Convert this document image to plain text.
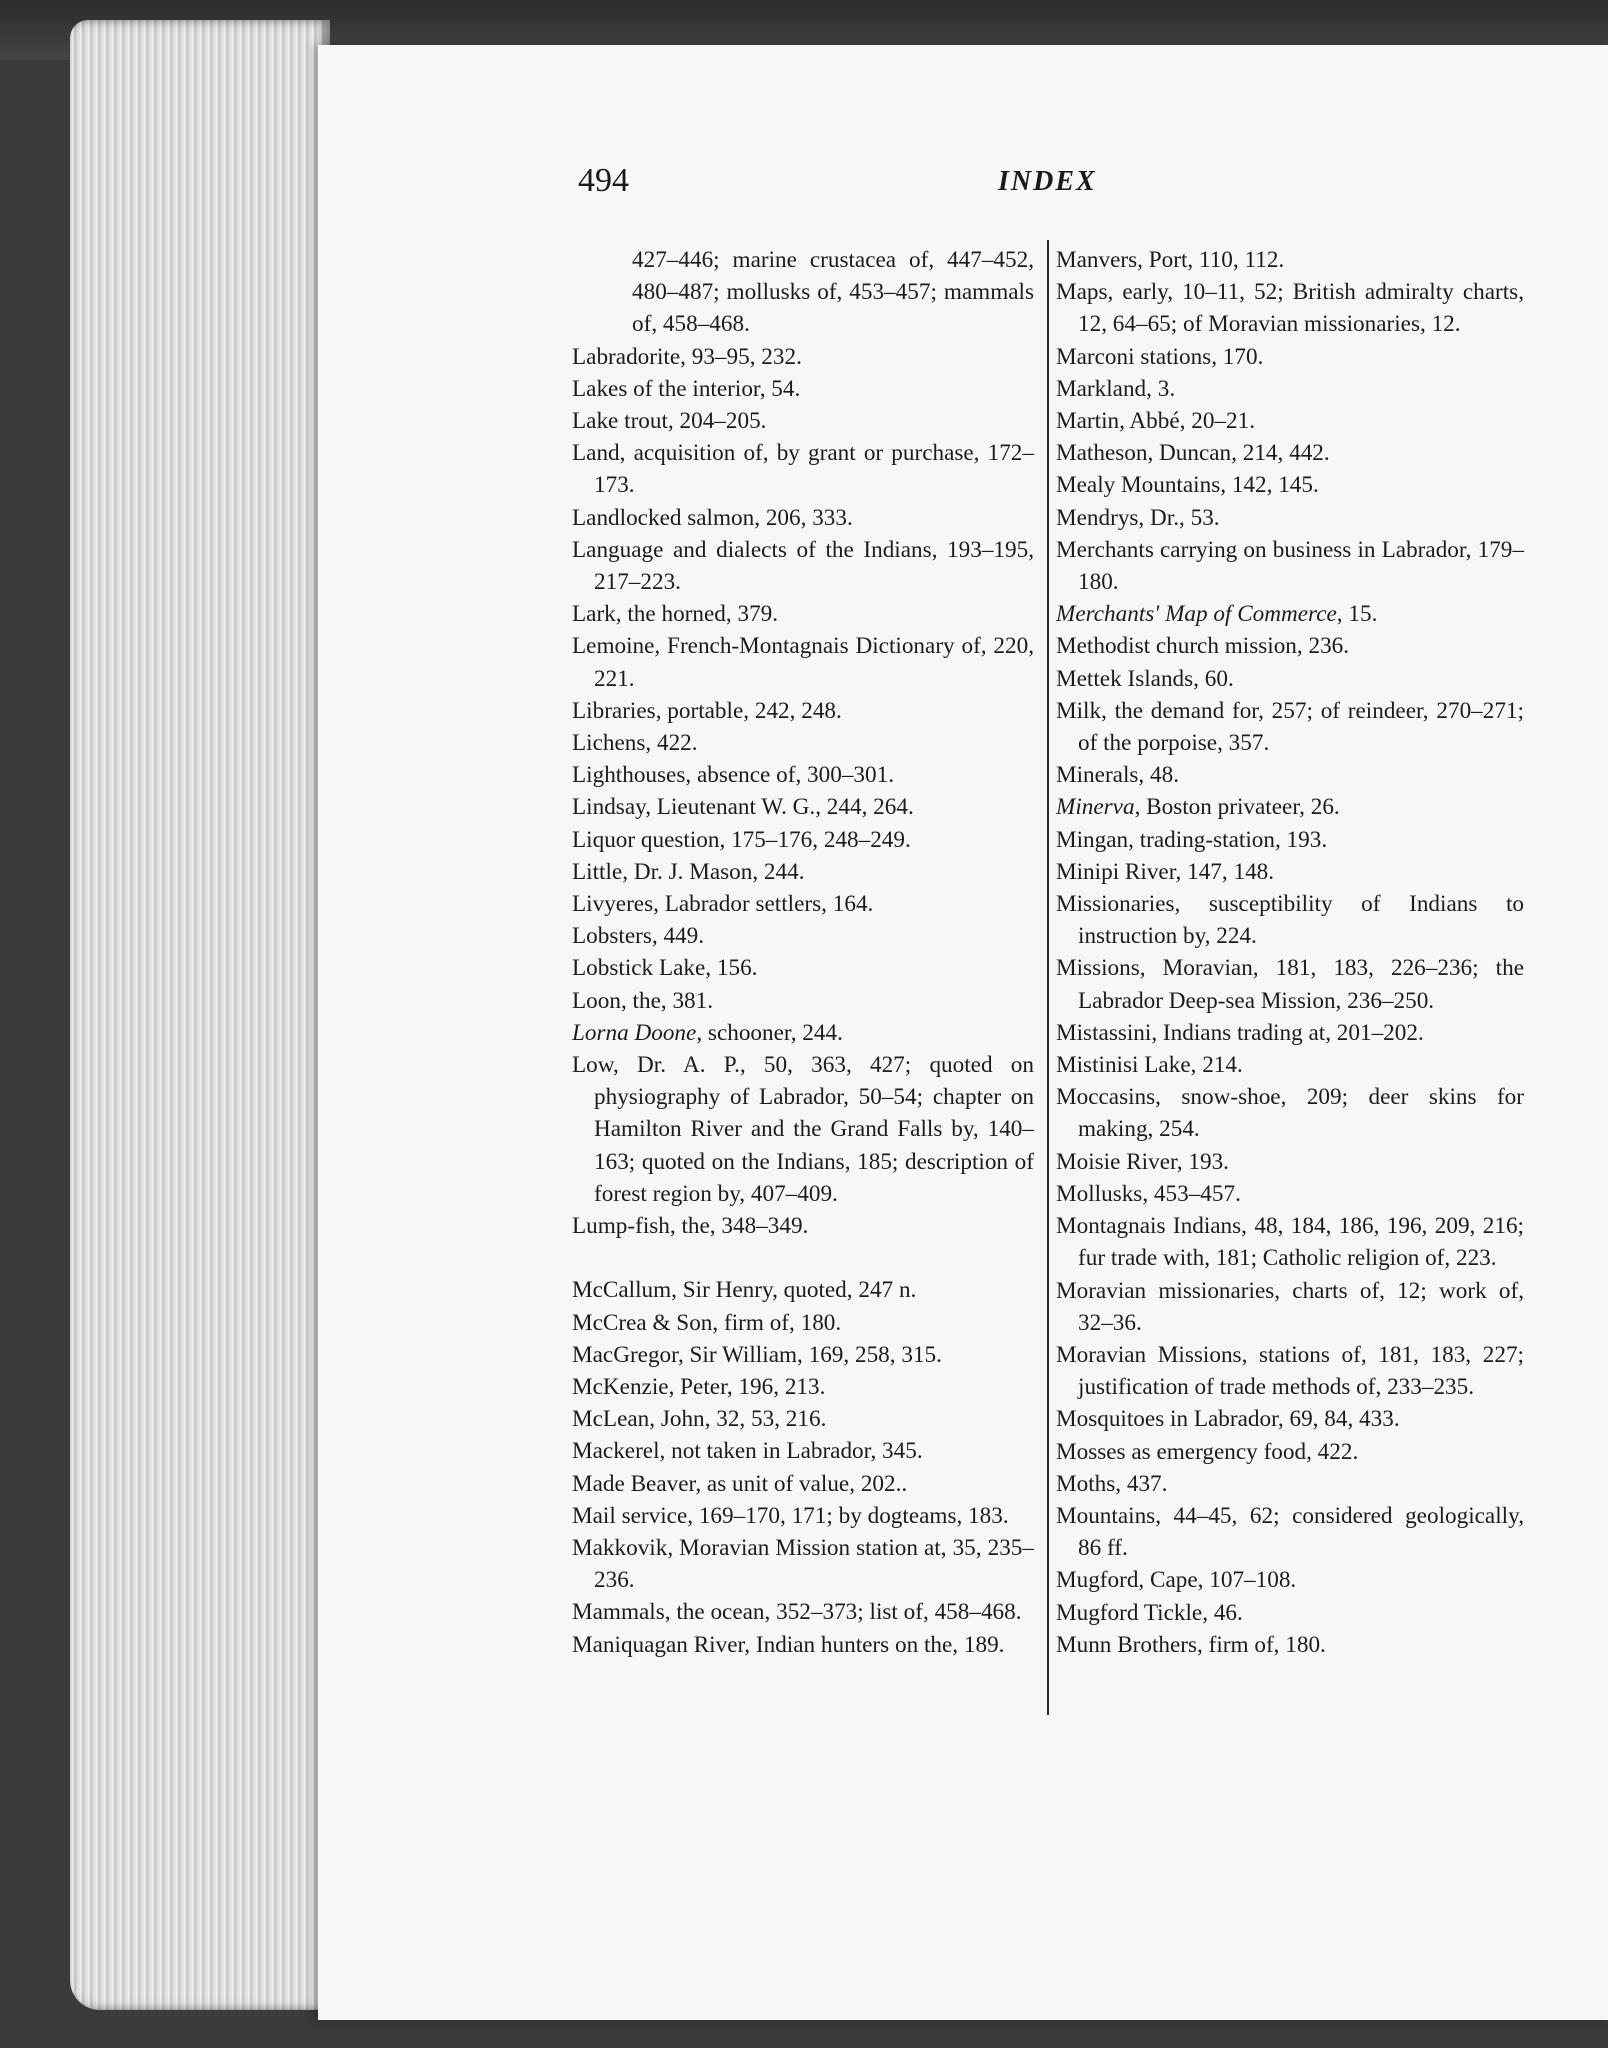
494	INDEX

427–446; marine crustacea of, 447–452, 480–487; mollusks of, 453–457; mammals of, 458–468.

Labradorite, 93–95, 232.

Lakes of the interior, 54.

Lake trout, 204–205.

Land, acquisition of, by grant or purchase, 172–173.

Landlocked salmon, 206, 333.

Language and dialects of the Indians, 193–195, 217–223.

Lark, the horned, 379.

Lemoine, French-Montagnais Dictionary of, 220, 221.

Libraries, portable, 242, 248.

Lichens, 422.

Lighthouses, absence of, 300–301.

Lindsay, Lieutenant W. G., 244, 264.

Liquor question, 175–176, 248–249.

Little, Dr. J. Mason, 244.

Livyeres, Labrador settlers, 164.

Lobsters, 449.

Lobstick Lake, 156.

Loon, the, 381.

Lorna Doone, schooner, 244.

Low, Dr. A. P., 50, 363, 427; quoted on physiography of Labrador, 50–54; chapter on Hamilton River and the Grand Falls by, 140–163; quoted on the Indians, 185; description of forest region by, 407–409.

Lump-fish, the, 348–349.

McCallum, Sir Henry, quoted, 247 n.

McCrea & Son, firm of, 180.

MacGregor, Sir William, 169, 258, 315.

McKenzie, Peter, 196, 213.

McLean, John, 32, 53, 216.

Mackerel, not taken in Labrador, 345.

Made Beaver, as unit of value, 202..

Mail service, 169–170, 171; by dogteams, 183.

Makkovik, Moravian Mission station at, 35, 235–236.

Mammals, the ocean, 352–373; list of, 458–468.

Maniquagan River, Indian hunters on the, 189.

Manvers, Port, 110, 112.

Maps, early, 10–11, 52; British admiralty charts, 12, 64–65; of Moravian missionaries, 12.

Marconi stations, 170.

Markland, 3.

Martin, Abbé, 20–21.

Matheson, Duncan, 214, 442.

Mealy Mountains, 142, 145.

Mendrys, Dr., 53.

Merchants carrying on business in Labrador, 179–180.

Merchants' Map of Commerce, 15.

Methodist church mission, 236.

Mettek Islands, 60.

Milk, the demand for, 257; of reindeer, 270–271; of the porpoise, 357.

Minerals, 48.

Minerva, Boston privateer, 26.

Mingan, trading-station, 193.

Minipi River, 147, 148.

Missionaries, susceptibility of Indians to instruction by, 224.

Missions, Moravian, 181, 183, 226–236; the Labrador Deep-sea Mission, 236–250.

Mistassini, Indians trading at, 201–202.

Mistinisi Lake, 214.

Moccasins, snow-shoe, 209; deer skins for making, 254.

Moisie River, 193.

Mollusks, 453–457.

Montagnais Indians, 48, 184, 186, 196, 209, 216; fur trade with, 181; Catholic religion of, 223.

Moravian missionaries, charts of, 12; work of, 32–36.

Moravian Missions, stations of, 181, 183, 227; justification of trade methods of, 233–235.

Mosquitoes in Labrador, 69, 84, 433.

Mosses as emergency food, 422.

Moths, 437.

Mountains, 44–45, 62; considered geologically, 86 ff.

Mugford, Cape, 107–108.

Mugford Tickle, 46.

Munn Brothers, firm of, 180.
